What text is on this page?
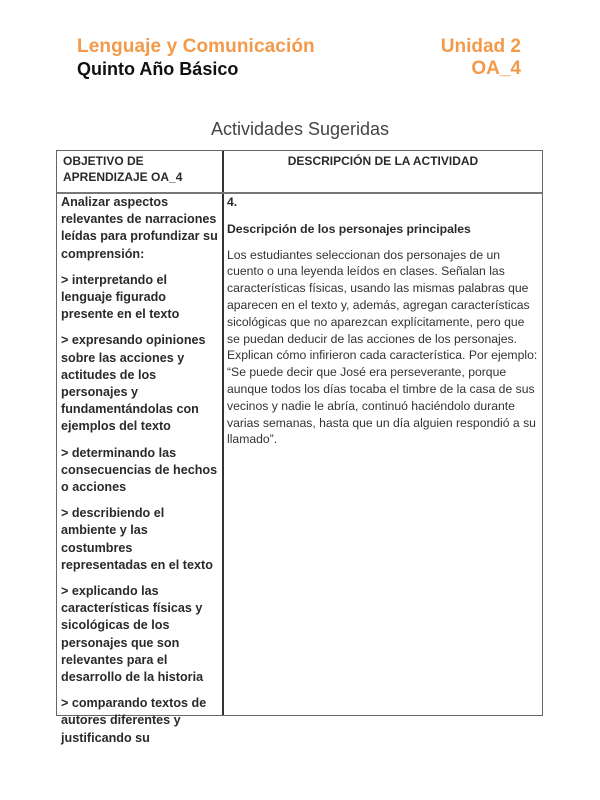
Lenguaje y Comunicación
Quinto Año Básico
Unidad 2
OA_4
Actividades Sugeridas
OBJETIVO DE APRENDIZAJE OA_4
DESCRIPCIÓN DE LA ACTIVIDAD

Analizar aspectos relevantes de narraciones leídas para profundizar su comprensión:

> interpretando el lenguaje figurado presente en el texto

> expresando opiniones sobre las acciones y actitudes de los personajes y fundamentándolas con ejemplos del texto

> determinando las consecuencias de hechos o acciones

> describiendo el ambiente y las costumbres representadas en el texto

> explicando las características físicas y sicológicas de los personajes que son relevantes para el desarrollo de la historia

> comparando textos de autores diferentes y justificando su

4.

Descripción de los personajes principales

Los estudiantes seleccionan dos personajes de un cuento o una leyenda leídos en clases. Señalan las características físicas, usando las mismas palabras que aparecen en el texto y, además, agregan características sicológicas que no aparezcan explícitamente, pero que se puedan deducir de las acciones de los personajes. Explican cómo infirieron cada característica. Por ejemplo: “Se puede decir que José era perseverante, porque aunque todos los días tocaba el timbre de la casa de sus vecinos y nadie le abría, continuó haciéndolo durante varias semanas, hasta que un día alguien respondió a su llamado”.
